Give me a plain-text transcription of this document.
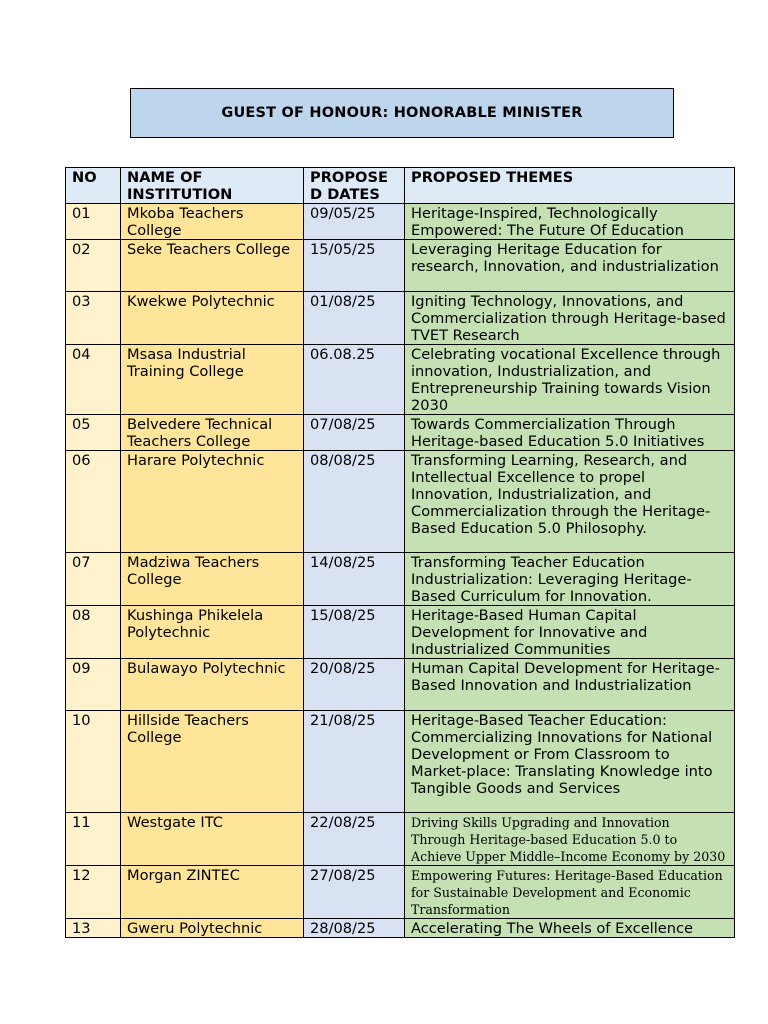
GUEST OF HONOUR: HONORABLE MINISTER
NO	NAME OF INSTITUTION	PROPOSE D DATES	PROPOSED THEMES
01	Mkoba Teachers College	09/05/25	Heritage-Inspired, Technologically Empowered: The Future Of Education
02	Seke Teachers College	15/05/25	Leveraging Heritage Education for research, Innovation, and industrialization
03	Kwekwe Polytechnic	01/08/25	Igniting Technology, Innovations, and Commercialization through Heritage-based TVET Research
04	Msasa Industrial Training College	06.08.25	Celebrating vocational Excellence through innovation, Industrialization, and Entrepreneurship Training towards Vision 2030
05	Belvedere Technical Teachers College	07/08/25	Towards Commercialization Through Heritage-based Education 5.0 Initiatives
06	Harare Polytechnic	08/08/25	Transforming Learning, Research, and Intellectual Excellence to propel Innovation, Industrialization, and Commercialization through the Heritage-Based Education 5.0 Philosophy.
07	Madziwa Teachers College	14/08/25	Transforming Teacher Education Industrialization: Leveraging Heritage-Based Curriculum for Innovation.
08	Kushinga Phikelela Polytechnic	15/08/25	Heritage-Based Human Capital Development for Innovative and Industrialized Communities
09	Bulawayo Polytechnic	20/08/25	Human Capital Development for Heritage-Based Innovation and Industrialization
10	Hillside Teachers College	21/08/25	Heritage-Based Teacher Education: Commercializing Innovations for National Development or From Classroom to Market-place: Translating Knowledge into Tangible Goods and Services
11	Westgate ITC	22/08/25	Driving Skills Upgrading and Innovation Through Heritage-based Education 5.0 to Achieve Upper Middle–Income Economy by 2030
12	Morgan ZINTEC	27/08/25	Empowering Futures: Heritage-Based Education for Sustainable Development and Economic Transformation
13	Gweru Polytechnic	28/08/25	Accelerating The Wheels of Excellence
